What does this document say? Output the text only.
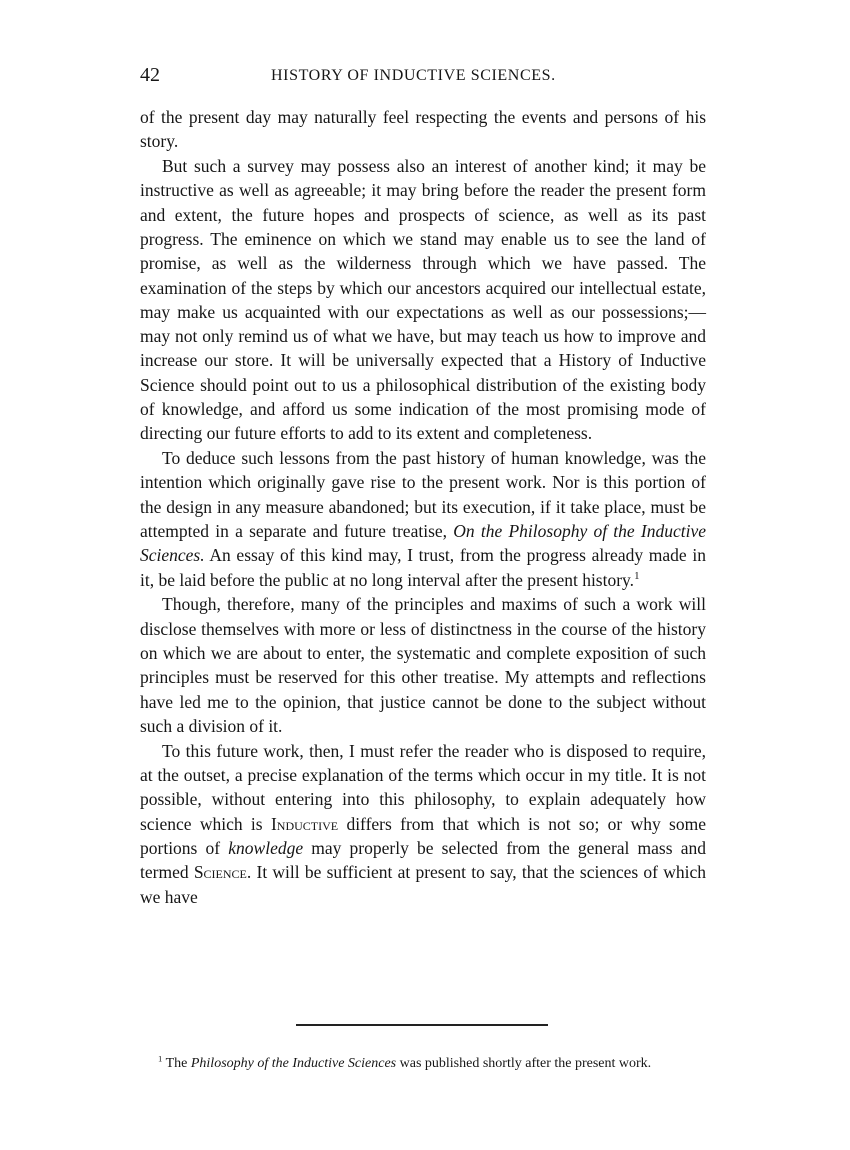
42	HISTORY OF INDUCTIVE SCIENCES.

of the present day may naturally feel respecting the events and persons of his story.

But such a survey may possess also an interest of another kind; it may be instructive as well as agreeable; it may bring before the reader the present form and extent, the future hopes and prospects of science, as well as its past progress. The eminence on which we stand may enable us to see the land of promise, as well as the wilderness through which we have passed. The examination of the steps by which our ancestors acquired our intellectual estate, may make us acquainted with our expectations as well as our possessions;—may not only remind us of what we have, but may teach us how to improve and increase our store. It will be universally expected that a History of Inductive Science should point out to us a philosophical distribution of the existing body of knowledge, and afford us some indication of the most promising mode of directing our future efforts to add to its extent and completeness.

To deduce such lessons from the past history of human knowledge, was the intention which originally gave rise to the present work. Nor is this portion of the design in any measure abandoned; but its execution, if it take place, must be attempted in a separate and future treatise, On the Philosophy of the Inductive Sciences. An essay of this kind may, I trust, from the progress already made in it, be laid before the public at no long interval after the present history.$^1$

Though, therefore, many of the principles and maxims of such a work will disclose themselves with more or less of distinctness in the course of the history on which we are about to enter, the systematic and complete exposition of such principles must be reserved for this other treatise. My attempts and reflections have led me to the opinion, that justice cannot be done to the subject without such a division of it.

To this future work, then, I must refer the reader who is disposed to require, at the outset, a precise explanation of the terms which occur in my title. It is not possible, without entering into this philosophy, to explain adequately how science which is Inductive differs from that which is not so; or why some portions of knowledge may properly be selected from the general mass and termed Science. It will be sufficient at present to say, that the sciences of which we have

$^1$ The Philosophy of the Inductive Sciences was published shortly after the present work.
